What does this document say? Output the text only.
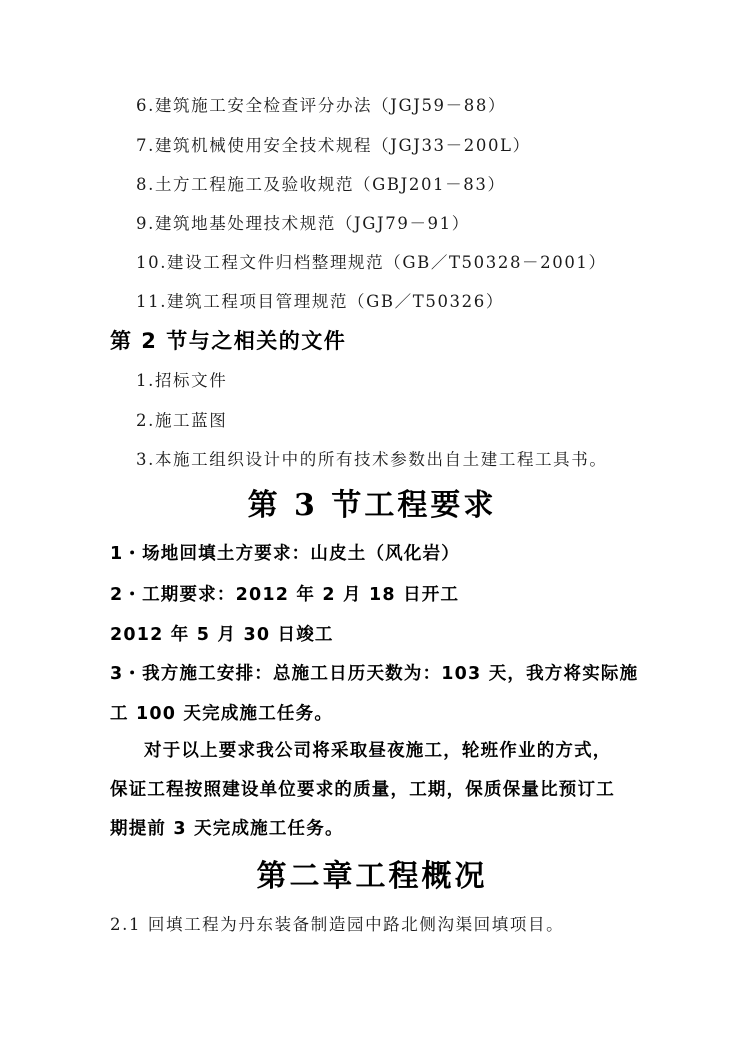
6.建筑施工安全检查评分办法（JGJ59－88）
7.建筑机械使用安全技术规程（JGJ33－200L）
8.土方工程施工及验收规范（GBJ201－83）
9.建筑地基处理技术规范（JGJ79－91）
10.建设工程文件归档整理规范（GB／T50328－2001）
11.建筑工程项目管理规范（GB／T50326）
第 2 节与之相关的文件
1.招标文件
2.施工蓝图
3.本施工组织设计中的所有技术参数出自土建工程工具书。
第 3 节工程要求
1・场地回填土方要求：山皮土（风化岩）
2・工期要求：2012 年 2 月 18 日开工
2012 年 5 月 30 日竣工
3・我方施工安排：总施工日历天数为：103 天，我方将实际施
工 100 天完成施工任务。
对于以上要求我公司将采取昼夜施工，轮班作业的方式，
保证工程按照建设单位要求的质量，工期，保质保量比预订工
期提前 3 天完成施工任务。
第二章工程概况
2.1 回填工程为丹东装备制造园中路北侧沟渠回填项目。
